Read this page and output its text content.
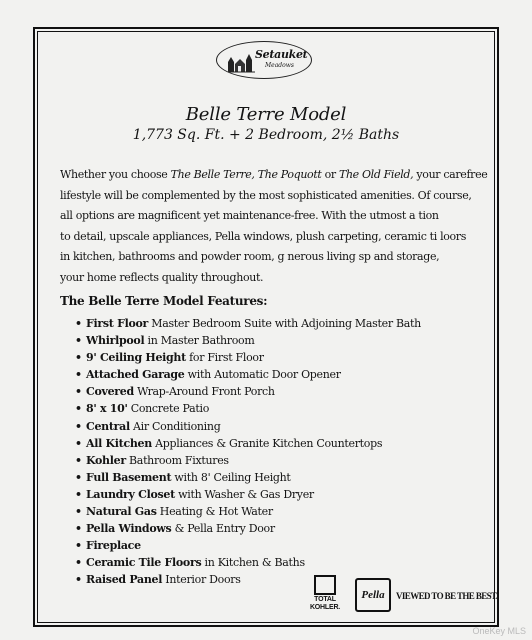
Setauket
Meadows
Belle Terre Model
1,773 Sq. Ft. + 2 Bedroom, 2½ Baths
Whether you choose The Belle Terre, The Poquott or The Old Field, your carefree
lifestyle will be complemented by the most sophisticated amenities. Of course,
all options are magnificent yet maintenance-free. With the utmost a tion
to detail, upscale appliances, Pella windows, plush carpeting, ceramic ti loors
in kitchen, bathrooms and powder room, g nerous living sp and storage,
your home reflects quality throughout.
The Belle Terre Model Features:
• First Floor Master Bedroom Suite with Adjoining Master Bath
• Whirlpool in Master Bathroom
• 9' Ceiling Height for First Floor
• Attached Garage with Automatic Door Opener
• Covered Wrap-Around Front Porch
• 8' x 10' Concrete Patio
• Central Air Conditioning
• All Kitchen Appliances & Granite Kitchen Countertops
• Kohler Bathroom Fixtures
• Full Basement with 8' Ceiling Height
• Laundry Closet with Washer & Gas Dryer
• Natural Gas Heating & Hot Water
• Pella Windows & Pella Entry Door
• Fireplace
• Ceramic Tile Floors in Kitchen & Baths
• Raised Panel Interior Doors
TOTAL
KOHLER.
Pella	VIEWED TO BE THE BEST.
OneKey MLS
